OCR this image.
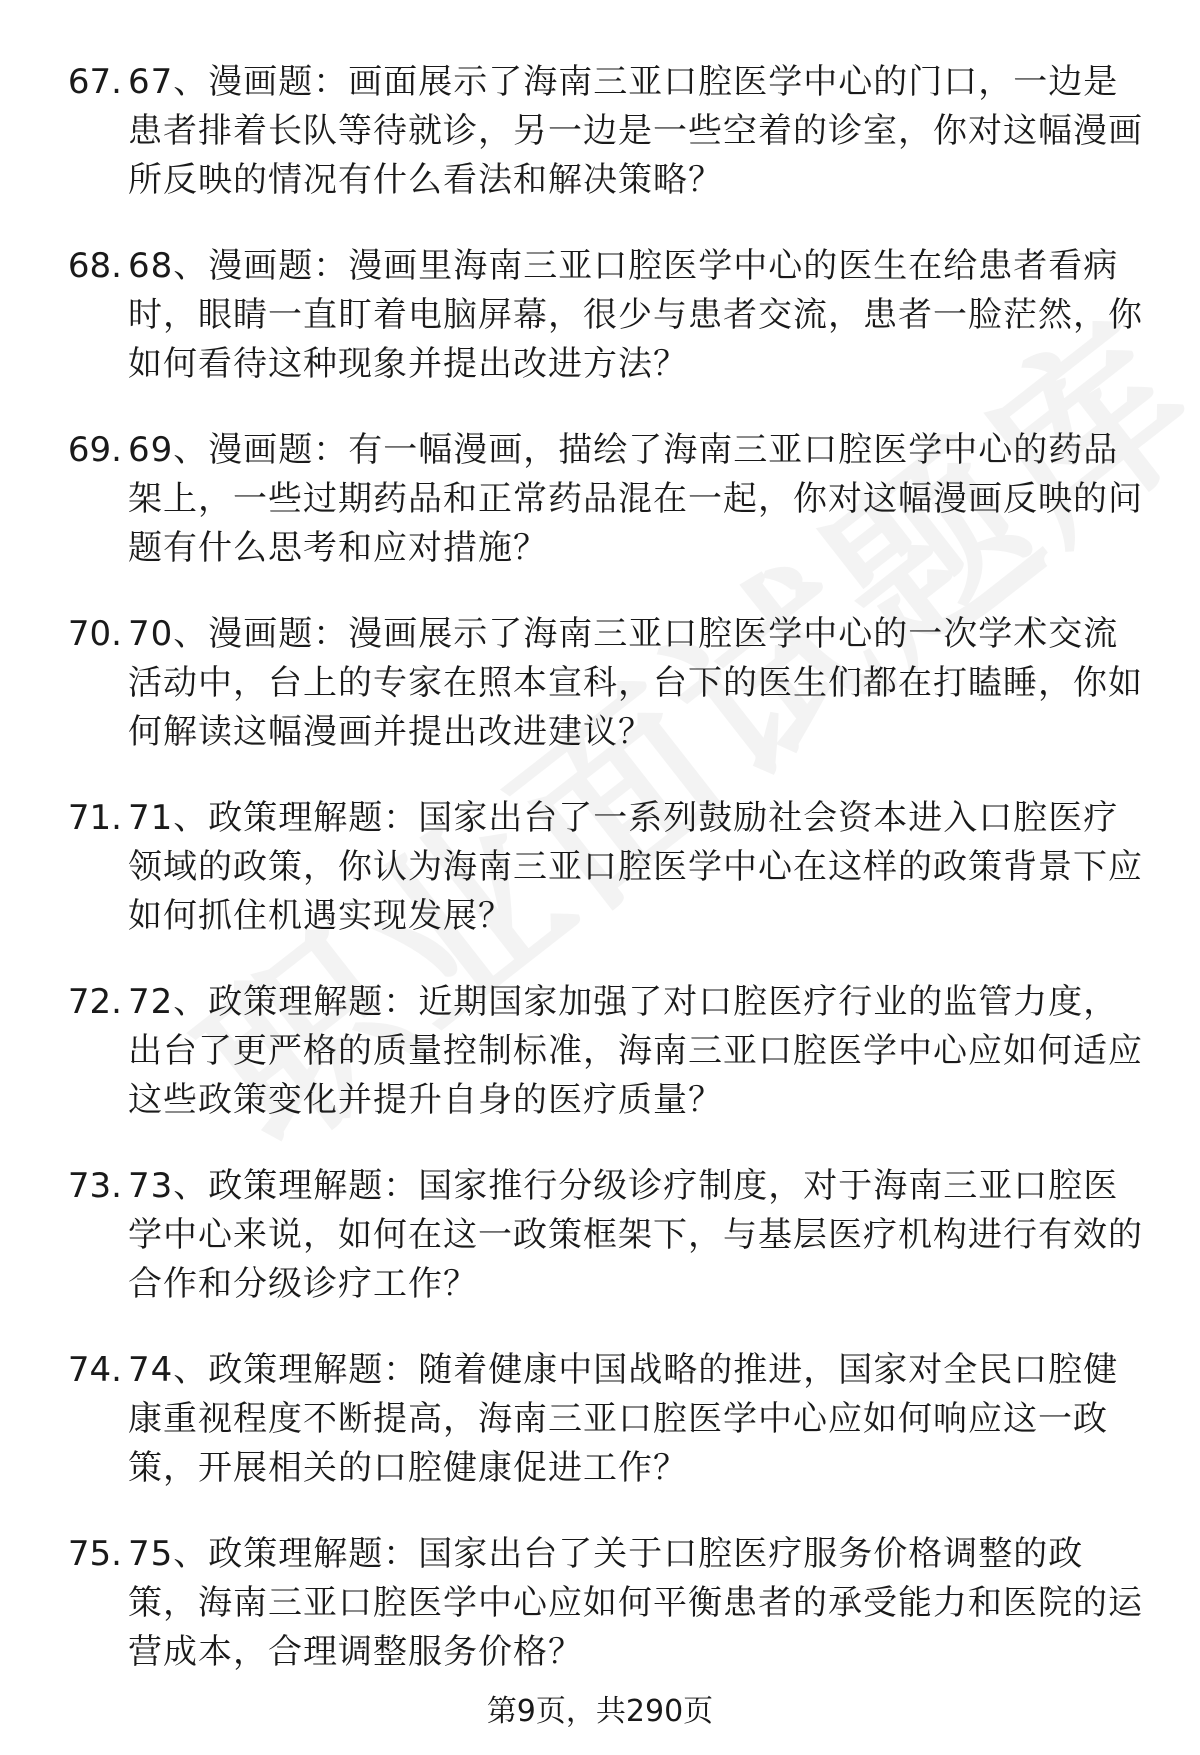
67. 67、漫画题：画面展示了海南三亚口腔医学中心的门口，一边是患者排着长队等待就诊，另一边是一些空着的诊室，你对这幅漫画所反映的情况有什么看法和解决策略？
68. 68、漫画题：漫画里海南三亚口腔医学中心的医生在给患者看病时，眼睛一直盯着电脑屏幕，很少与患者交流，患者一脸茫然，你如何看待这种现象并提出改进方法？
69. 69、漫画题：有一幅漫画，描绘了海南三亚口腔医学中心的药品架上，一些过期药品和正常药品混在一起，你对这幅漫画反映的问题有什么思考和应对措施？
70. 70、漫画题：漫画展示了海南三亚口腔医学中心的一次学术交流活动中，台上的专家在照本宣科，台下的医生们都在打瞌睡，你如何解读这幅漫画并提出改进建议？
71. 71、政策理解题：国家出台了一系列鼓励社会资本进入口腔医疗领域的政策，你认为海南三亚口腔医学中心在这样的政策背景下应如何抓住机遇实现发展？
72. 72、政策理解题：近期国家加强了对口腔医疗行业的监管力度，出台了更严格的质量控制标准，海南三亚口腔医学中心应如何适应这些政策变化并提升自身的医疗质量？
73. 73、政策理解题：国家推行分级诊疗制度，对于海南三亚口腔医学中心来说，如何在这一政策框架下，与基层医疗机构进行有效的合作和分级诊疗工作？
74. 74、政策理解题：随着健康中国战略的推进，国家对全民口腔健康重视程度不断提高，海南三亚口腔医学中心应如何响应这一政策，开展相关的口腔健康促进工作？
75. 75、政策理解题：国家出台了关于口腔医疗服务价格调整的政策，海南三亚口腔医学中心应如何平衡患者的承受能力和医院的运营成本，合理调整服务价格？
第9页，共290页
